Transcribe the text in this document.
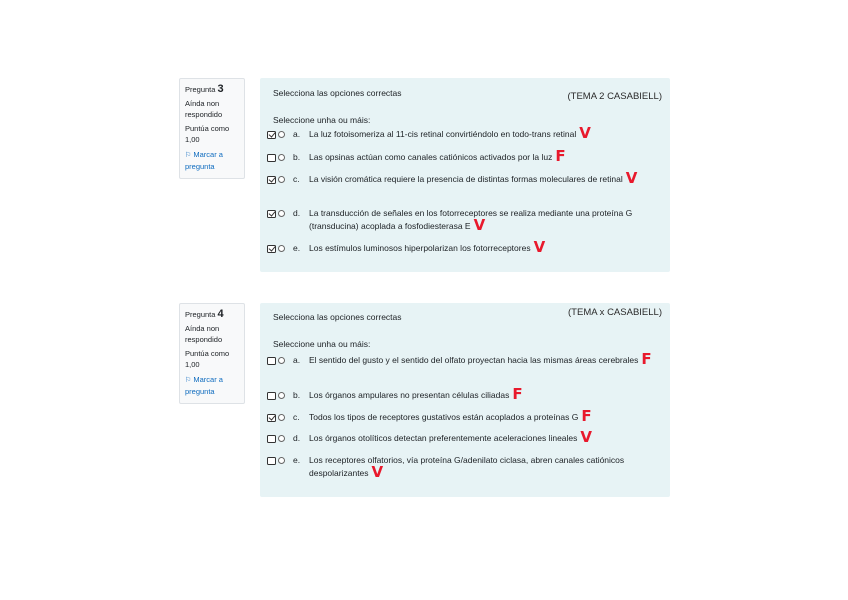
Pregunta 3
Aínda non respondido
Puntúa como 1,00
⚐ Marcar a pregunta
Selecciona las opciones correctas	(TEMA 2 CASABIELL)
Seleccione unha ou máis:
a.	La luz fotoisomeriza al 11-cis retinal convirtiéndolo en todo-trans retinal V
b.	Las opsinas actúan como canales catiónicos activados por la luz F
c.	La visión cromática requiere la presencia de distintas formas moleculares de retinal V
d.	La transducción de señales en los fotorreceptores se realiza mediante una proteína G (transducina) acoplada a fosfodiesterasa E V
e.	Los estímulos luminosos hiperpolarizan los fotorreceptores V
Pregunta 4
Aínda non respondido
Puntúa como 1,00
⚐ Marcar a pregunta
Selecciona las opciones correctas	(TEMA x CASABIELL)
Seleccione unha ou máis:
a.	El sentido del gusto y el sentido del olfato proyectan hacia las mismas áreas cerebrales F
b.	Los órganos ampulares no presentan células ciliadas F
c.	Todos los tipos de receptores gustativos están acoplados a proteínas G F
d.	Los órganos otolíticos detectan preferentemente aceleraciones lineales V
e.	Los receptores olfatorios, vía proteína G/adenilato ciclasa, abren canales catiónicos despolarizantes V
